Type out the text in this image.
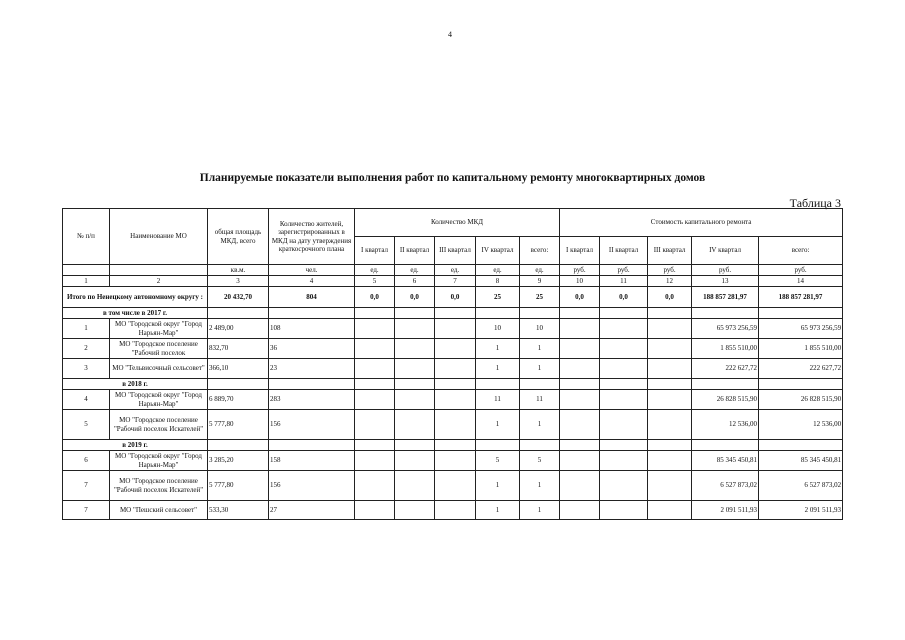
4
Планируемые показатели выполнения работ по капитальному ремонту многоквартирных домов
Таблица 3
№ п/п	Наименование МО	общая площадь МКД, всего	Количество жителей, зарегистрированных в МКД на дату утверждения краткосрочного плана	Количество МКД					Стоимость капитального ремонта				
				I квартал	II квартал	III квартал	IV квартал	всего:	I квартал	II квартал	III квартал	IV квартал	всего:
		кв.м.	чел.	ед.	ед.	ед.	ед.	ед.	руб.	руб.	руб.	руб.	руб.
1	2	3	4	5	6	7	8	9	10	11	12	13	14
Итого по Ненецкому автономному округу :		20 432,70	804	0,0	0,0	0,0	25	25	0,0	0,0	0,0	188 857 281,97	188 857 281,97
в том числе в 2017 г.													
1	МО "Городской округ "Город Нарьян-Мар"	2 489,00	108				10	10				65 973 256,59	65 973 256,59
2	МО "Городское поселение "Рабочий поселок	832,70	36				1	1				1 855 510,00	1 855 510,00
3	МО "Тельвисочный сельсовет"	366,10	23				1	1				222 627,72	222 627,72
в 2018 г.													
4	МО "Городской округ "Город Нарьян-Мар"	6 889,70	283				11	11				26 828 515,90	26 828 515,90
5	МО "Городское поселение "Рабочий поселок Искателей"	5 777,80	156				1	1				12 536,00	12 536,00
в 2019 г.													
6	МО "Городской округ "Город Нарьян-Мар"	3 285,20	158				5	5				85 345 450,81	85 345 450,81
7	МО "Городское поселение "Рабочий поселок Искателей"	5 777,80	156				1	1				6 527 873,02	6 527 873,02
7	МО "Пешский сельсовет"	533,30	27				1	1				2 091 511,93	2 091 511,93
